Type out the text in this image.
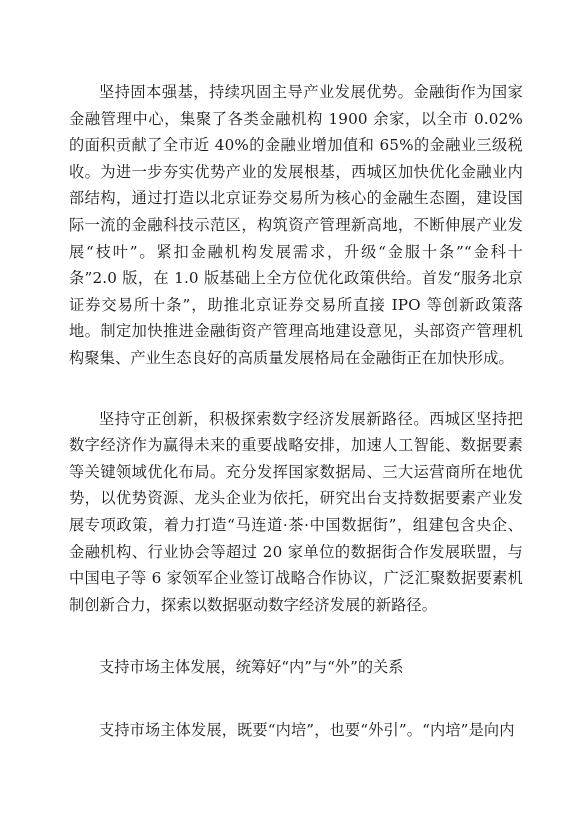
坚持固本强基，持续巩固主导产业发展优势。金融街作为国家金融管理中心，集聚了各类金融机构 1900 余家，以全市 0.02%的面积贡献了全市近 40%的金融业增加值和 65%的金融业三级税收。为进一步夯实优势产业的发展根基，西城区加快优化金融业内部结构，通过打造以北京证券交易所为核心的金融生态圈，建设国际一流的金融科技示范区，构筑资产管理新高地，不断伸展产业发展“枝叶”。紧扣金融机构发展需求，升级“金服十条”“金科十条”2.0 版，在 1.0 版基础上全方位优化政策供给。首发“服务北京证券交易所十条”，助推北京证券交易所直接 IPO 等创新政策落地。制定加快推进金融街资产管理高地建设意见，头部资产管理机构聚集、产业生态良好的高质量发展格局在金融街正在加快形成。

坚持守正创新，积极探索数字经济发展新路径。西城区坚持把数字经济作为赢得未来的重要战略安排，加速人工智能、数据要素等关键领域优化布局。充分发挥国家数据局、三大运营商所在地优势，以优势资源、龙头企业为依托，研究出台支持数据要素产业发展专项政策，着力打造“马连道·茶·中国数据街”，组建包含央企、金融机构、行业协会等超过 20 家单位的数据街合作发展联盟，与中国电子等 6 家领军企业签订战略合作协议，广泛汇聚数据要素机制创新合力，探索以数据驱动数字经济发展的新路径。

支持市场主体发展，统筹好“内”与“外”的关系

支持市场主体发展，既要“内培”，也要“外引”。“内培”是向内
